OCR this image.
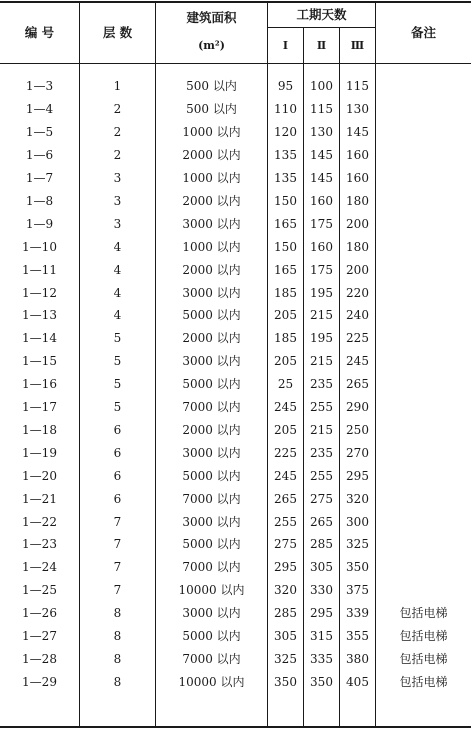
编 号	层 数
建筑面积
(m²)
工期天数
Ⅰ	Ⅱ	Ⅲ
备注
1—3	1	500 以内	95	100	115
1—4	2	500 以内	110	115	130
1—5	2	1000 以内	120	130	145
1—6	2	2000 以内	135	145	160
1—7	3	1000 以内	135	145	160
1—8	3	2000 以内	150	160	180
1—9	3	3000 以内	165	175	200
1—10	4	1000 以内	150	160	180
1—11	4	2000 以内	165	175	200
1—12	4	3000 以内	185	195	220
1—13	4	5000 以内	205	215	240
1—14	5	2000 以内	185	195	225
1—15	5	3000 以内	205	215	245
1—16	5	5000 以内	25	235	265
1—17	5	7000 以内	245	255	290
1—18	6	2000 以内	205	215	250
1—19	6	3000 以内	225	235	270
1—20	6	5000 以内	245	255	295
1—21	6	7000 以内	265	275	320
1—22	7	3000 以内	255	265	300
1—23	7	5000 以内	275	285	325
1—24	7	7000 以内	295	305	350
1—25	7	10000 以内	320	330	375
1—26	8	3000 以内	285	295	339	包括电梯
1—27	8	5000 以内	305	315	355	包括电梯
1—28	8	7000 以内	325	335	380	包括电梯
1—29	8	10000 以内	350	350	405	包括电梯
